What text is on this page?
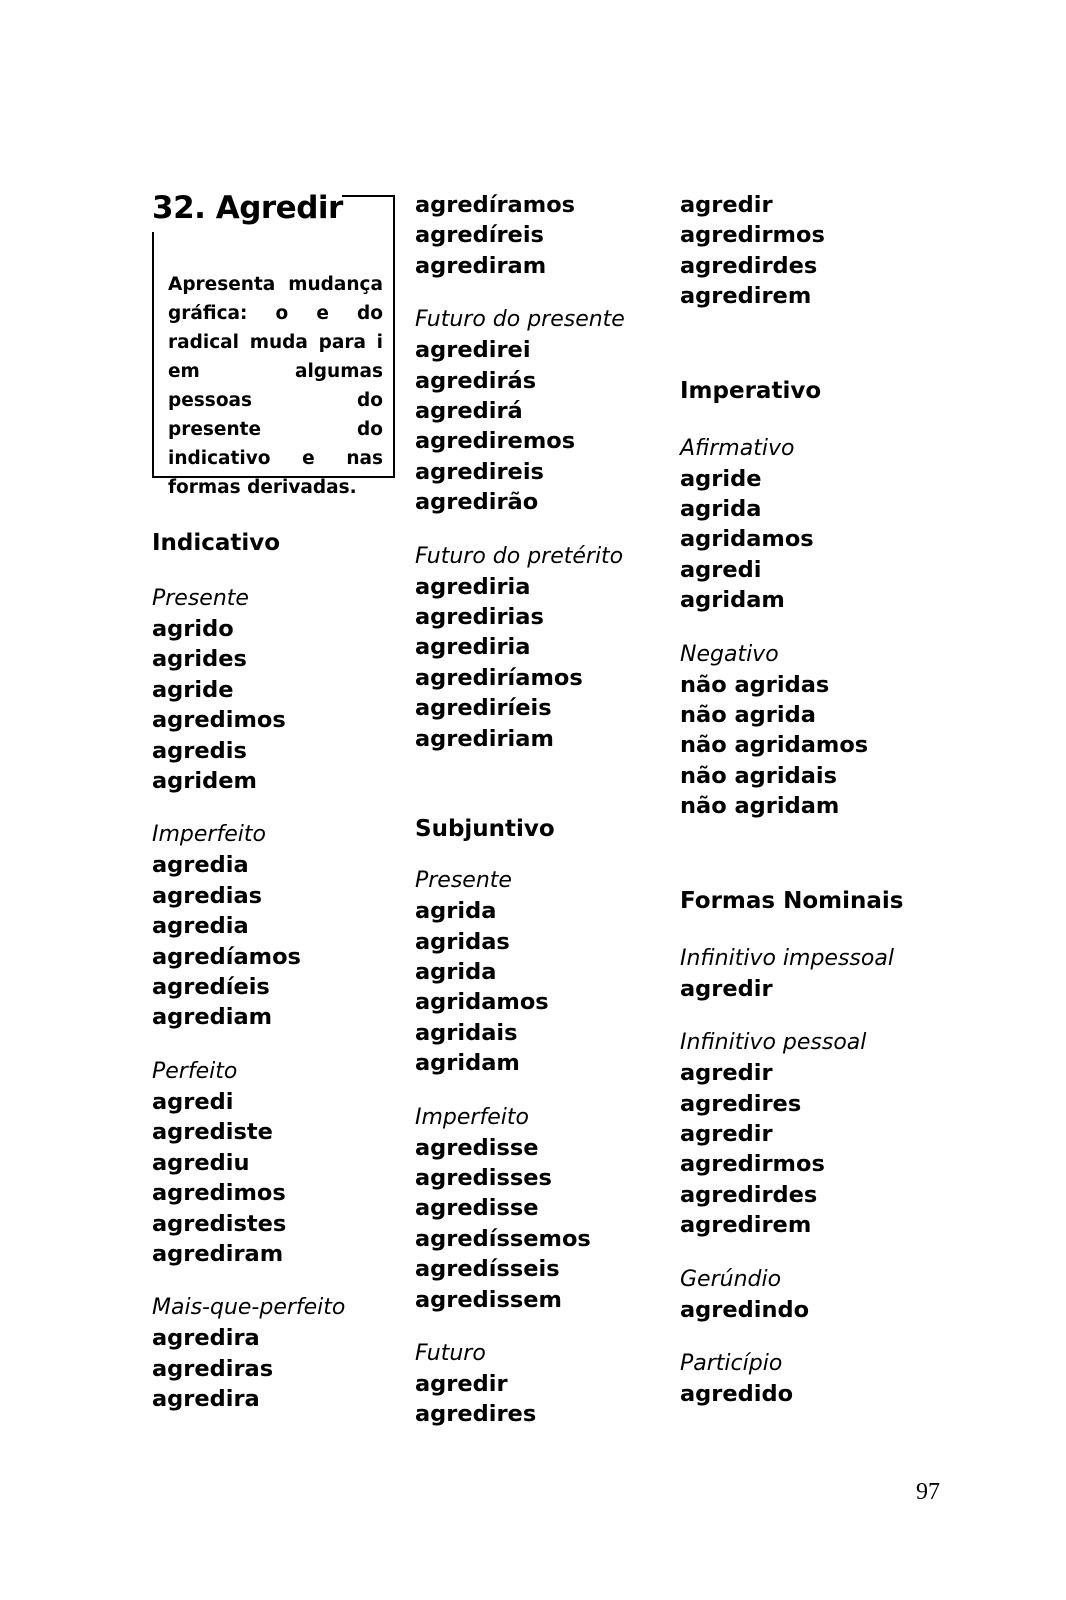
32. Agredir

Apresenta mudança gráfica: o e do radical muda para i em algumas pessoas do presente do indicativo e nas formas derivadas.

Indicativo
Presente
agrido
agrides
agride
agredimos
agredis
agridem
Imperfeito
agredia
agredias
agredia
agredíamos
agredíeis
agrediam
Perfeito
agredi
agrediste
agrediu
agredimos
agredistes
agrediram
Mais-que-perfeito
agredira
agrediras
agredira
agredíramos
agredíreis
agrediram
Futuro do presente
agredirei
agredirás
agredirá
agrediremos
agredireis
agredirão
Futuro do pretérito
agrediria
agredirias
agrediria
agrediríamos
agrediríeis
agrediriam
Subjuntivo
Presente
agrida
agridas
agrida
agridamos
agridais
agridam
Imperfeito
agredisse
agredisses
agredisse
agredíssemos
agredísseis
agredissem
Futuro
agredir
agredires
agredir
agredirmos
agredirdes
agredirem
Imperativo
Afirmativo
agride
agrida
agridamos
agredi
agridam
Negativo
não agridas
não agrida
não agridamos
não agridais
não agridam
Formas Nominais
Infinitivo impessoal
agredir
Infinitivo pessoal
agredir
agredires
agredir
agredirmos
agredirdes
agredirem
Gerúndio
agredindo
Particípio
agredido
97
